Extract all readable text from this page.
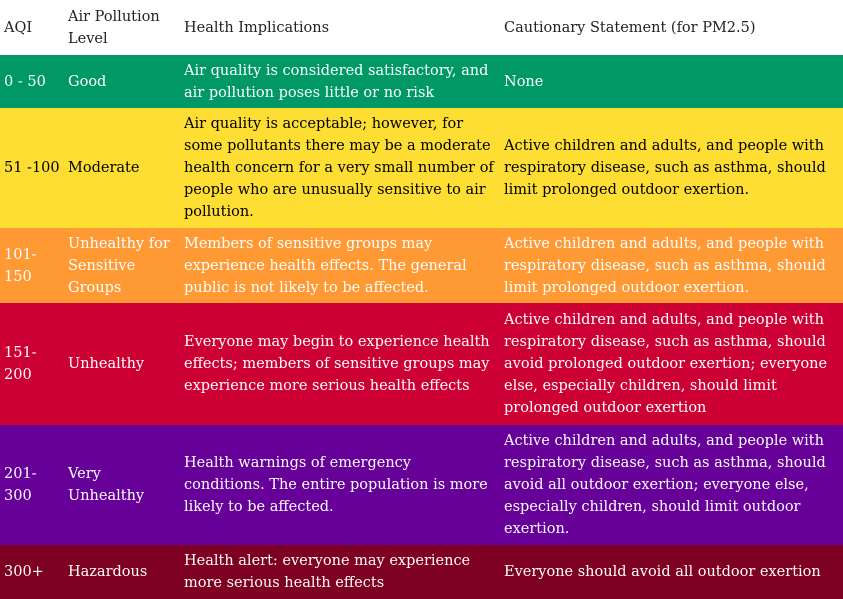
AQI	Air Pollution Level	Health Implications	Cautionary Statement (for PM2.5)
0 - 50	Good	Air quality is considered satisfactory, and air pollution poses little or no risk	None
51 -100	Moderate	Air quality is acceptable; however, for some pollutants there may be a moderate health concern for a very small number of people who are unusually sensitive to air pollution.	Active children and adults, and people with respiratory disease, such as asthma, should limit prolonged outdoor exertion.
101-150	Unhealthy for Sensitive Groups	Members of sensitive groups may experience health effects. The general public is not likely to be affected.	Active children and adults, and people with respiratory disease, such as asthma, should limit prolonged outdoor exertion.
151-200	Unhealthy	Everyone may begin to experience health effects; members of sensitive groups may experience more serious health effects	Active children and adults, and people with respiratory disease, such as asthma, should avoid prolonged outdoor exertion; everyone else, especially children, should limit prolonged outdoor exertion
201-300	Very Unhealthy	Health warnings of emergency conditions. The entire population is more likely to be affected.	Active children and adults, and people with respiratory disease, such as asthma, should avoid all outdoor exertion; everyone else, especially children, should limit outdoor exertion.
300+	Hazardous	Health alert: everyone may experience more serious health effects	Everyone should avoid all outdoor exertion
